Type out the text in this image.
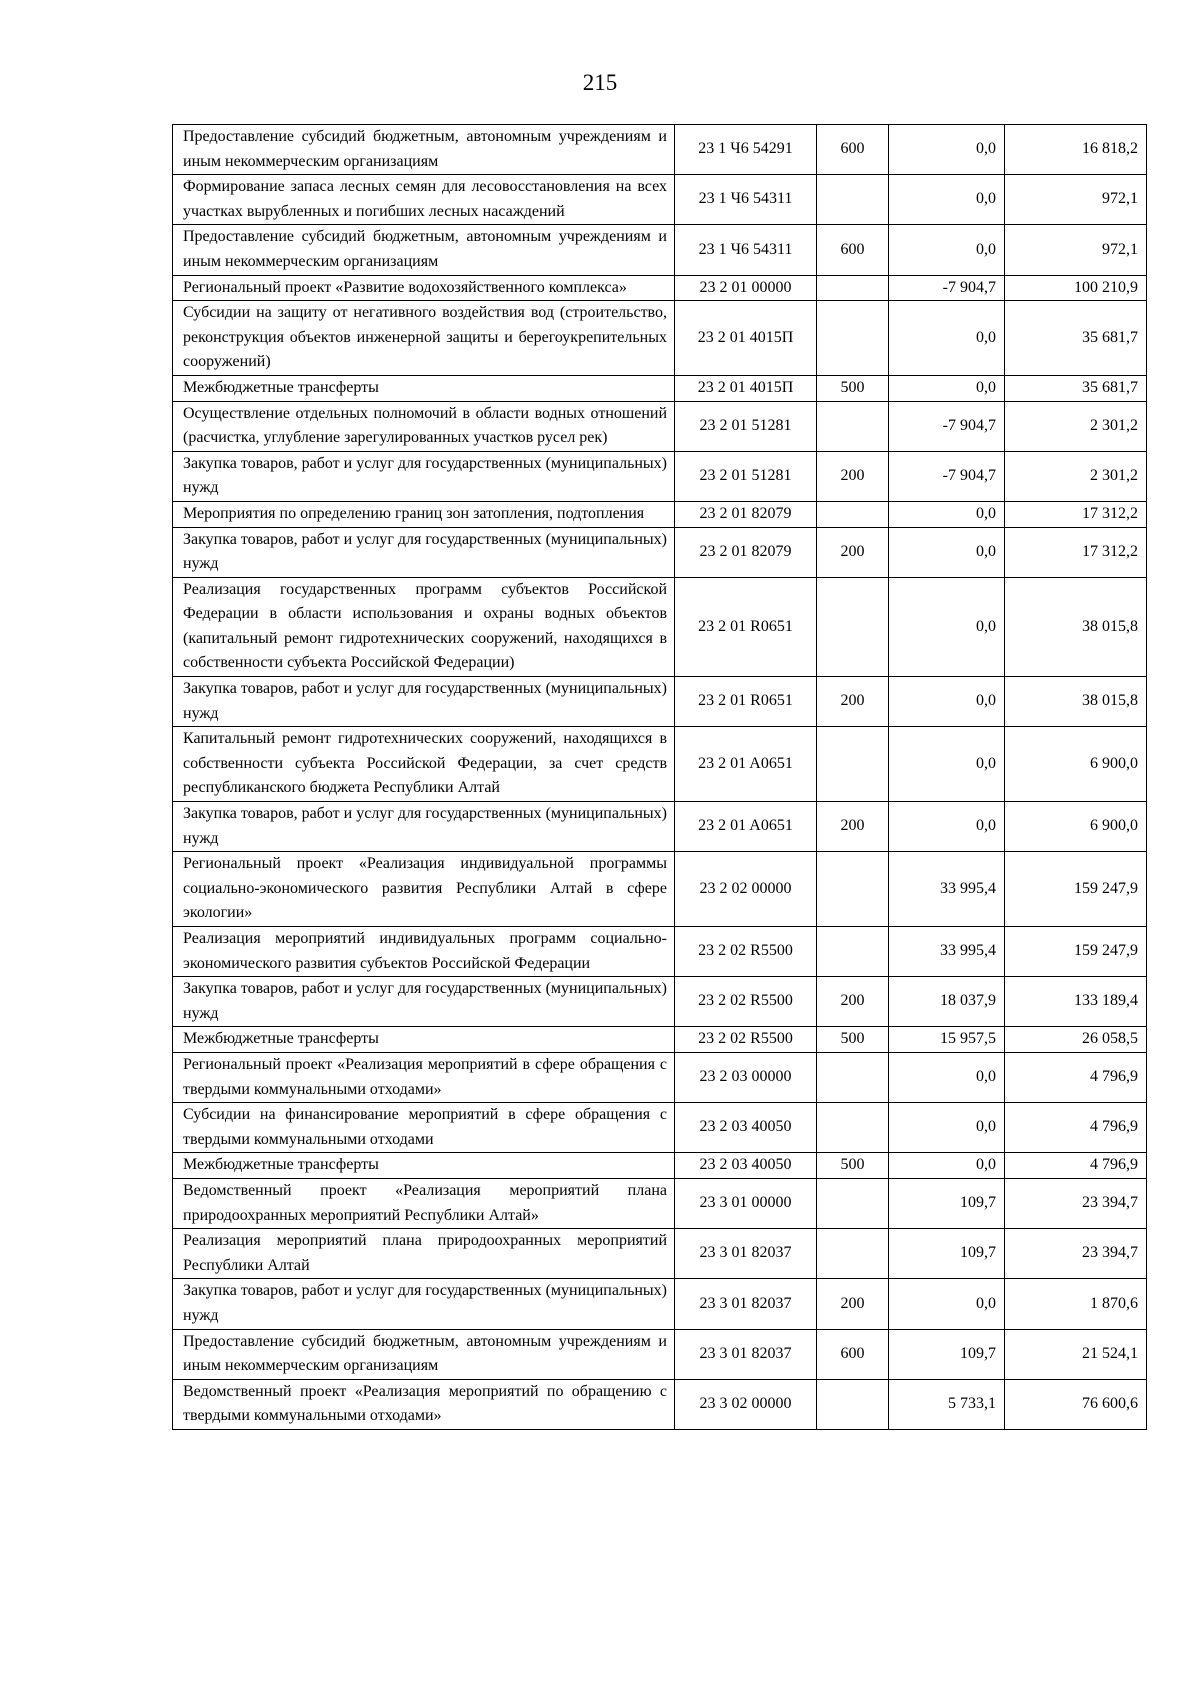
215
Предоставление субсидий бюджетным, автономным учреждениям и иным некоммерческим организациям	23 1 Ч6 54291	600	0,0	16 818,2
Формирование запаса лесных семян для лесовосстановления на всех участках вырубленных и погибших лесных насаждений	23 1 Ч6 54311		0,0	972,1
Предоставление субсидий бюджетным, автономным учреждениям и иным некоммерческим организациям	23 1 Ч6 54311	600	0,0	972,1
Региональный проект «Развитие водохозяйственного комплекса»	23 2 01 00000		-7 904,7	100 210,9
Субсидии на защиту от негативного воздействия вод (строительство, реконструкция объектов инженерной защиты и берегоукрепительных сооружений)	23 2 01 4015П		0,0	35 681,7
Межбюджетные трансферты	23 2 01 4015П	500	0,0	35 681,7
Осуществление отдельных полномочий в области водных отношений (расчистка, углубление зарегулированных участков русел рек)	23 2 01 51281		-7 904,7	2 301,2
Закупка товаров, работ и услуг для государственных (муниципальных) нужд	23 2 01 51281	200	-7 904,7	2 301,2
Мероприятия по определению границ зон затопления, подтопления	23 2 01 82079		0,0	17 312,2
Закупка товаров, работ и услуг для государственных (муниципальных) нужд	23 2 01 82079	200	0,0	17 312,2
Реализация государственных программ субъектов Российской Федерации в области использования и охраны водных объектов (капитальный ремонт гидротехнических сооружений, находящихся в собственности субъекта Российской Федерации)	23 2 01 R0651		0,0	38 015,8
Закупка товаров, работ и услуг для государственных (муниципальных) нужд	23 2 01 R0651	200	0,0	38 015,8
Капитальный ремонт гидротехнических сооружений, находящихся в собственности субъекта Российской Федерации, за счет средств республиканского бюджета Республики Алтай	23 2 01 A0651		0,0	6 900,0
Закупка товаров, работ и услуг для государственных (муниципальных) нужд	23 2 01 A0651	200	0,0	6 900,0
Региональный проект «Реализация индивидуальной программы социально-экономического развития Республики Алтай в сфере экологии»	23 2 02 00000		33 995,4	159 247,9
Реализация мероприятий индивидуальных программ социально-экономического развития субъектов Российской Федерации	23 2 02 R5500		33 995,4	159 247,9
Закупка товаров, работ и услуг для государственных (муниципальных) нужд	23 2 02 R5500	200	18 037,9	133 189,4
Межбюджетные трансферты	23 2 02 R5500	500	15 957,5	26 058,5
Региональный проект «Реализация мероприятий в сфере обращения с твердыми коммунальными отходами»	23 2 03 00000		0,0	4 796,9
Субсидии на финансирование мероприятий в сфере обращения с твердыми коммунальными отходами	23 2 03 40050		0,0	4 796,9
Межбюджетные трансферты	23 2 03 40050	500	0,0	4 796,9
Ведомственный проект «Реализация мероприятий плана природоохранных мероприятий Республики Алтай»	23 3 01 00000		109,7	23 394,7
Реализация мероприятий плана природоохранных мероприятий Республики Алтай	23 3 01 82037		109,7	23 394,7
Закупка товаров, работ и услуг для государственных (муниципальных) нужд	23 3 01 82037	200	0,0	1 870,6
Предоставление субсидий бюджетным, автономным учреждениям и иным некоммерческим организациям	23 3 01 82037	600	109,7	21 524,1
Ведомственный проект «Реализация мероприятий по обращению с твердыми коммунальными отходами»	23 3 02 00000		5 733,1	76 600,6
